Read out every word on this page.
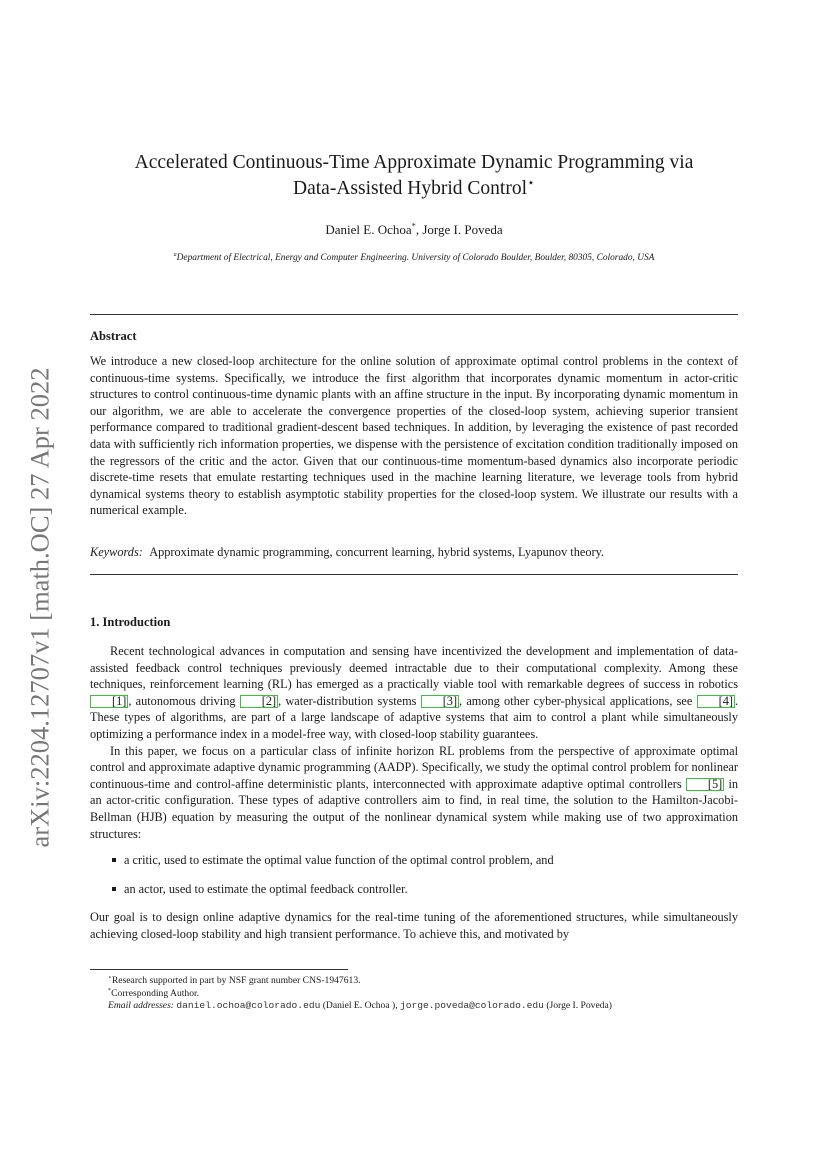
arXiv:2204.12707v1 [math.OC] 27 Apr 2022
Accelerated Continuous-Time Approximate Dynamic Programming via
Data-Assisted Hybrid Control⋆
Daniel E. Ochoa*, Jorge I. Poveda
$^a$Department of Electrical, Energy and Computer Engineering. University of Colorado Boulder, Boulder, 80305, Colorado, USA
Abstract
We introduce a new closed-loop architecture for the online solution of approximate optimal control problems in the context of continuous-time systems. Specifically, we introduce the first algorithm that incorporates dynamic momentum in actor-critic structures to control continuous-time dynamic plants with an affine structure in the input. By incorporating dynamic momentum in our algorithm, we are able to accelerate the convergence properties of the closed-loop system, achieving superior transient performance compared to traditional gradient-descent based techniques. In addition, by leveraging the existence of past recorded data with sufficiently rich information properties, we dispense with the persistence of excitation condition traditionally imposed on the regressors of the critic and the actor. Given that our continuous-time momentum-based dynamics also incorporate periodic discrete-time resets that emulate restarting techniques used in the machine learning literature, we leverage tools from hybrid dynamical systems theory to establish asymptotic stability properties for the closed-loop system. We illustrate our results with a numerical example.
Keywords: Approximate dynamic programming, concurrent learning, hybrid systems, Lyapunov theory.
1. Introduction

Recent technological advances in computation and sensing have incentivized the development and implementation of data-assisted feedback control techniques previously deemed intractable due to their computational complexity. Among these techniques, reinforcement learning (RL) has emerged as a practically viable tool with remarkable degrees of success in robotics [1] , autonomous driving [2] , water-distribution systems [3] , among other cyber-physical applications, see [4] . These types of algorithms, are part of a large landscape of adaptive systems that aim to control a plant while simultaneously optimizing a performance index in a model-free way, with closed-loop stability guarantees.

In this paper, we focus on a particular class of infinite horizon RL problems from the perspective of approximate optimal control and approximate adaptive dynamic programming (AADP). Specifically, we study the optimal control problem for nonlinear continuous-time and control-affine deterministic plants, interconnected with approximate adaptive optimal controllers [5] in an actor-critic configuration. These types of adaptive controllers aim to find, in real time, the solution to the Hamilton-Jacobi-Bellman (HJB) equation by measuring the output of the nonlinear dynamical system while making use of two approximation structures:

a critic, used to estimate the optimal value function of the optimal control problem, and
an actor, used to estimate the optimal feedback controller.

Our goal is to design online adaptive dynamics for the real-time tuning of the aforementioned structures, while simultaneously achieving closed-loop stability and high transient performance. To achieve this, and motivated by

⋆Research supported in part by NSF grant number CNS-1947613.
*Corresponding Author.
Email addresses: daniel.ochoa@colorado.edu (Daniel E. Ochoa ), jorge.poveda@colorado.edu (Jorge I. Poveda)
